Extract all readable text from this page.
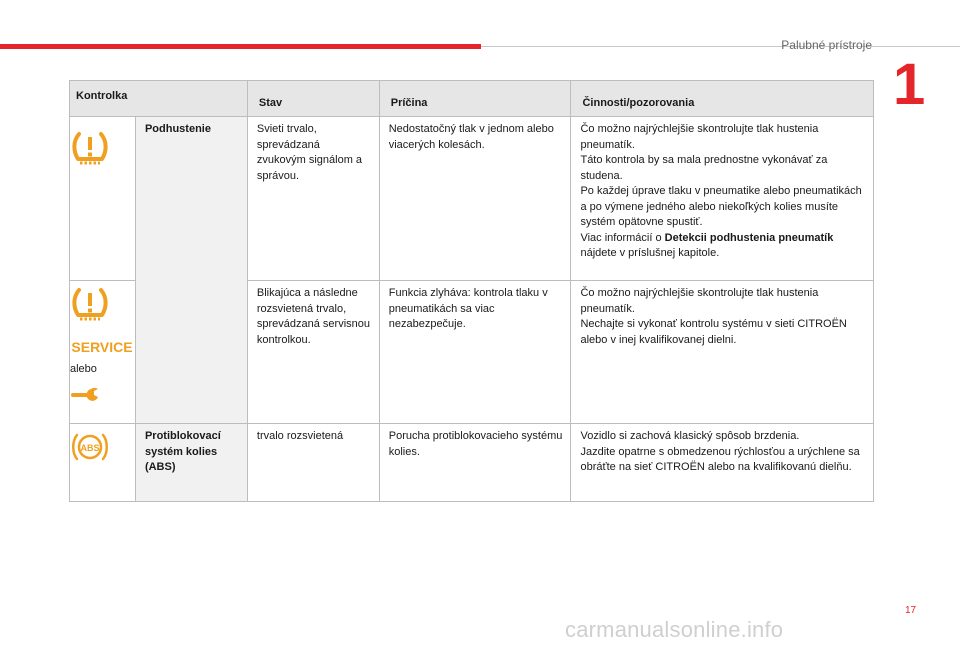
Palubné prístroje
1
Kontrolka		Stav	Príčina	Činnosti/pozorovania

Podhustenie	Svieti trvalo, sprevádzaná zvukovým signálom a správou.	Nedostatočný tlak v jednom alebo viacerých kolesách.	Čo možno najrýchlejšie skontrolujte tlak hustenia pneumatík.
Táto kontrola by sa mala prednostne vykonávať za studena.
Po každej úprave tlaku v pneumatike alebo pneumatikách a po výmene jedného alebo niekoľkých kolies musíte systém opätovne spustiť.
Viac informácií o Detekcii podhustenia pneumatík nájdete v príslušnej kapitole.

SERVICE
alebo		Blikajúca a následne rozsvietená trvalo, sprevádzaná servisnou kontrolkou.	Funkcia zlyháva: kontrola tlaku v pneumatikách sa viac nezabezpečuje.	Čo možno najrýchlejšie skontrolujte tlak hustenia pneumatík.
Nechajte si vykonať kontrolu systému v sieti CITROËN alebo v inej kvalifikovanej dielni.

ABS	Protiblokovací systém kolies (ABS)	trvalo rozsvietená	Porucha protiblokovacieho systému kolies.	Vozidlo si zachová klasický spôsob brzdenia.
Jazdite opatrne s obmedzenou rýchlosťou a urýchlene sa obráťte na sieť CITROËN alebo na kvalifikovanú dielňu.
17
carmanualsonline.info
